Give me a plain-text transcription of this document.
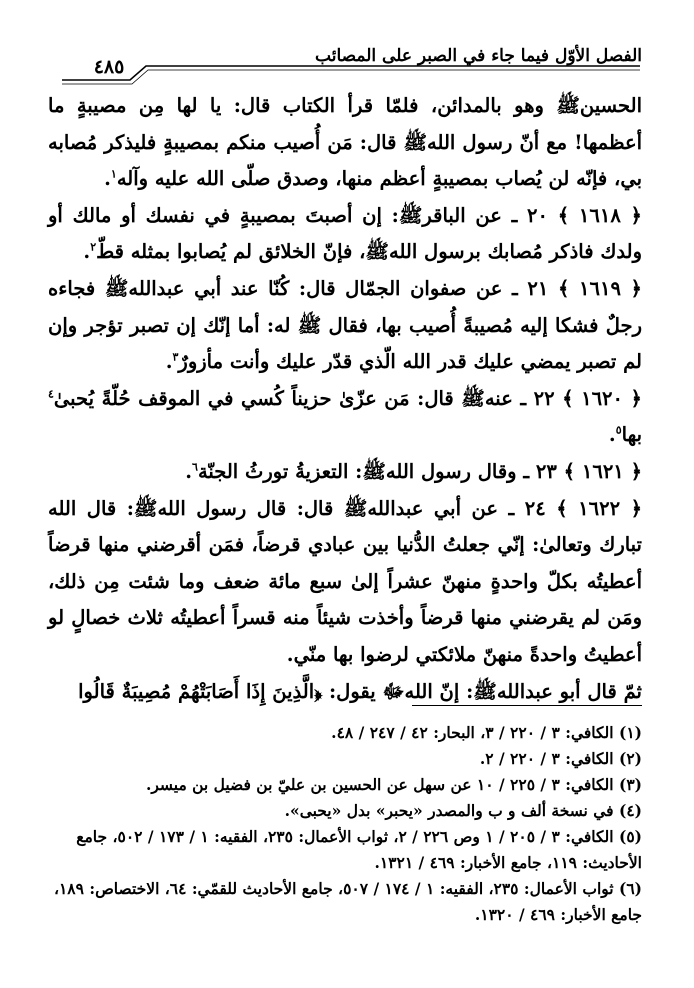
الفصل الأوّل فيما جاء في الصبر على المصائب
٤٨٥
الحسينﷺ وهو بالمدائن، فلمّا قرأ الكتاب قال: يا لها مِن مصيبةٍ ما أعظمها! مع أنّ رسول اللهﷺ قال: مَن أُصيب منكم بمصيبةٍ فليذكر مُصابه بي، فإنّه لن يُصاب بمصيبةٍ أعظم منها، وصدق صلّى الله عليه وآله$^١$.
﴿ ١٦١٨ ﴾ ٢٠ ـ عن الباقرﷺ: إن أصبتَ بمصيبةٍ في نفسك أو مالك أو ولدك فاذكر مُصابك برسول اللهﷺ، فإنّ الخلائق لم يُصابوا بمثله قطّ$^٢$.
﴿ ١٦١٩ ﴾ ٢١ ـ عن صفوان الجمّال قال: كُنّا عند أبي عبداللهﷺ فجاءه رجلٌ فشكا إليه مُصيبةً أُصيب بها، فقال ﷺ له: أما إنّك إن تصبر تؤجر وإن لم تصبر يمضي عليك قدر الله الّذي قدّر عليك وأنت مأزورٌ$^٣$.
﴿ ١٦٢٠ ﴾ ٢٢ ـ عنهﷺ قال: مَن عزّىٰ حزيناً كُسي في الموقف حُلّةً يُحبىٰ$^٤$ بها$^٥$.
﴿ ١٦٢١ ﴾ ٢٣ ـ وقال رسول اللهﷺ: التعزيةُ تورثُ الجنّة$^٦$.
﴿ ١٦٢٢ ﴾ ٢٤ ـ عن أبي عبداللهﷺ قال: قال رسول اللهﷺ: قال الله تبارك وتعالىٰ: إنّي جعلتُ الدُّنيا بين عبادي قرضاً، فمَن أقرضني منها قرضاً أعطيتُه بكلّ واحدةٍ منهنّ عشراً إلىٰ سبع مائة ضعف وما شئت مِن ذلك، ومَن لم يقرضني منها قرضاً وأخذت شيئاً منه قسراً أعطيتُه ثلاث خصالٍ لو أعطيتُ واحدةً منهنّ ملائكتي لرضوا بها منّي.
ثمّ قال أبو عبداللهﷺ: إنّ اللهﷻ يقول: ﴿الَّذِينَ إِذَا أَصَابَتْهُمْ مُصِيبَةٌ قَالُوا
(١) الكافي: ٣ / ٢٢٠ / ٣، البحار: ٤٢ / ٢٤٧ / ٤٨.
(٢) الكافي: ٣ / ٢٢٠ / ٢.
(٣) الكافي: ٣ / ٢٢٥ / ١٠ عن سهل عن الحسين بن عليّ بن فضيل بن ميسر.
(٤) في نسخة ألف و ب والمصدر «يحبر» بدل «يحبى».
(٥) الكافي: ٣ / ٢٠٥ / ١ وص ٢٢٦ / ٢، ثواب الأعمال: ٢٣٥، الفقيه: ١ / ١٧٣ / ٥٠٢، جامع الأحاديث: ١١٩، جامع الأخبار: ٤٦٩ / ١٣٢١.
(٦) ثواب الأعمال: ٢٣٥، الفقيه: ١ / ١٧٤ / ٥٠٧، جامع الأحاديث للقمّي: ٦٤، الاختصاص: ١٨٩، جامع الأخبار: ٤٦٩ / ١٣٢٠.
